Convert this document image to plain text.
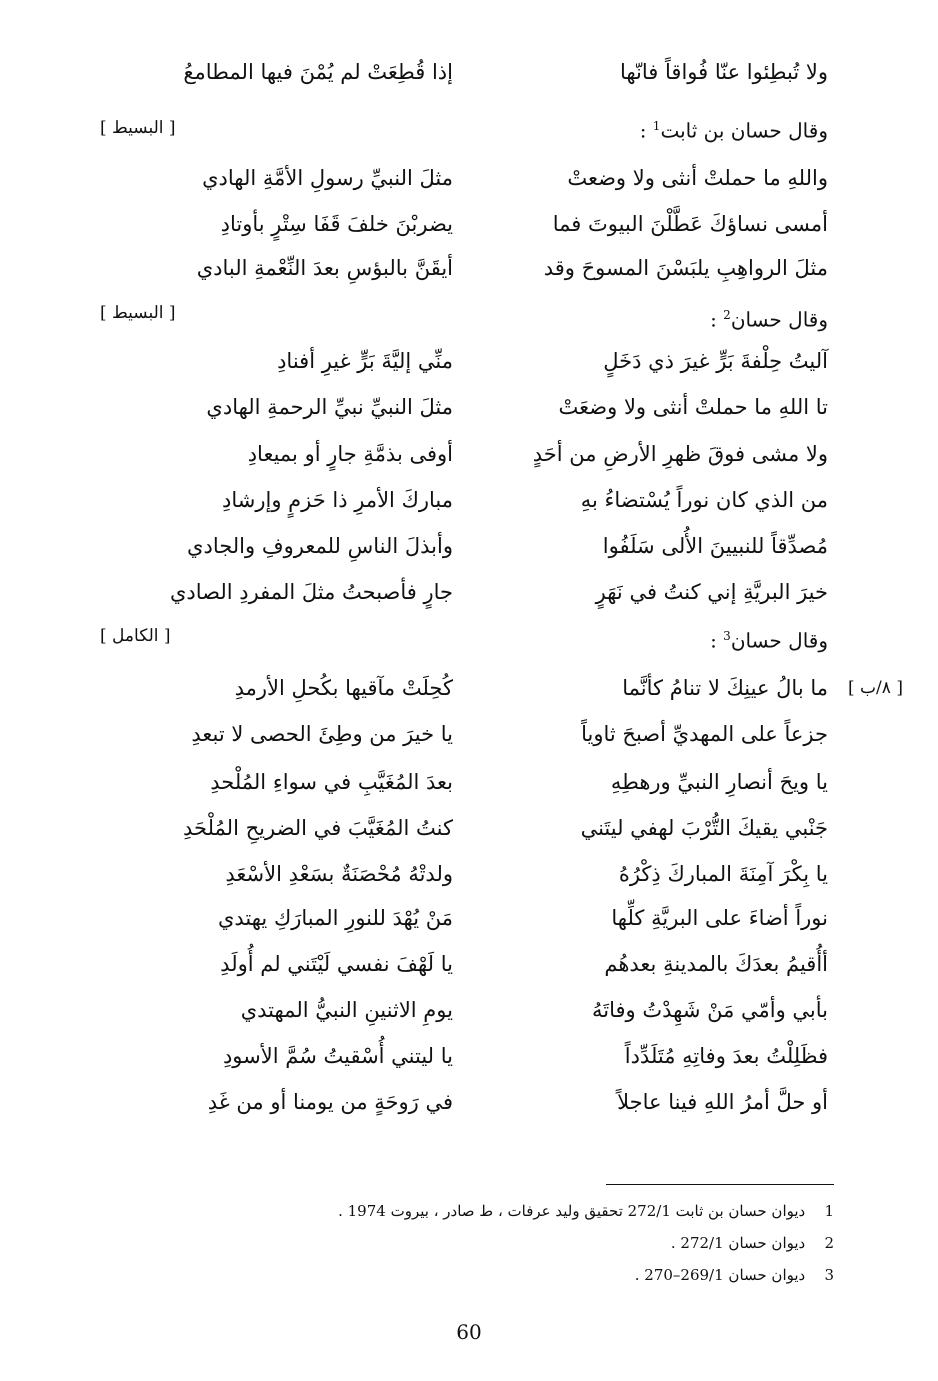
ولا تُبطِئوا عنّا فُواقاً فانّها
إذا قُطِعَتْ لم يُمْنَ فيها المطامعُ
وقال حسان بن ثابت$^1$ :
[ البسيط ]
واللهِ ما حملتْ أنثى ولا وضعتْ
مثلَ النبيِّ رسولِ الأمَّةِ الهادي
أمسى نساؤكَ عَطَّلْنَ البيوتَ فما
يضربْنَ خلفَ قَفَا سِتْرٍ بأوتادِ
مثلَ الرواهِبِ يلبَسْنَ المسوحَ وقد
أيقَنَّ بالبؤسِ بعدَ النِّعْمةِ البادي
وقال حسان$^2$ :
[ البسيط ]
آليتُ حِلْفةَ بَرٍّ غيرَ ذي دَخَلٍ
منِّي إليَّةَ بَرٍّ غيرِ أفنادِ
تا اللهِ ما حملتْ أنثى ولا وضعَتْ
مثلَ النبيِّ نبيِّ الرحمةِ الهادي
ولا مشى فوقَ ظهرِ الأرضِ من أحَدٍ
أوفى بذمَّةِ جارٍ أو بميعادِ
من الذي كان نوراً يُسْتضاءُ بهِ
مباركَ الأمرِ ذا حَزمٍ وإرشادِ
مُصدِّقاً للنبيينَ الأُلى سَلَفُوا
وأبذلَ الناسِ للمعروفِ والجادي
خيرَ البريَّةِ إني كنتُ في نَهَرٍ
جارٍ فأصبحتُ مثلَ المفردِ الصادي
وقال حسان$^3$ :
[ الكامل ]
[ ٨/ب ]
ما بالُ عينِكَ لا تنامُ كأنَّما
كُحِلَتْ مآقيها بكُحلِ الأرمدِ
جزعاً على المهديِّ أصبحَ ثاوياً
يا خيرَ من وطِئَ الحصى لا تبعدِ
يا ويحَ أنصارِ النبيِّ ورهطِهِ
بعدَ المُغَيَّبِ في سواءِ المُلْحدِ
جَنْبي يقيكَ التُّرْبَ لهفي ليتَني
كنتُ المُغَيَّبَ في الضريحِ المُلْحَدِ
يا بِكْرَ آمِنَةَ المباركَ ذِكْرُهُ
ولدتْهُ مُحْصَنَةٌ بسَعْدِ الأسْعَدِ
نوراً أضاءَ على البريَّةِ كلِّها
مَنْ يُهْدَ للنورِ المبارَكِ يهتدي
أأُقيمُ بعدَكَ بالمدينةِ بعدهُم
يا لَهْفَ نفسي لَيْتَني لم أُولَدِ
بأبي وأمّي مَنْ شَهِدْتُ وفاتَهُ
يومِ الاثنينِ النبيُّ المهتدي
فظَلِلْتُ بعدَ وفاتِهِ مُتَلَدِّداً
يا ليتني أُسْقيتُ سُمَّ الأسودِ
أو حلَّ أمرُ اللهِ فينا عاجلاً
في رَوحَةٍ من يومنا أو من غَدِ
1 ديوان حسان بن ثابت 272/1 تحقيق وليد عرفات ، ط صادر ، بيروت 1974 .
2 ديوان حسان 272/1 .
3 ديوان حسان 269/1–270 .
60
